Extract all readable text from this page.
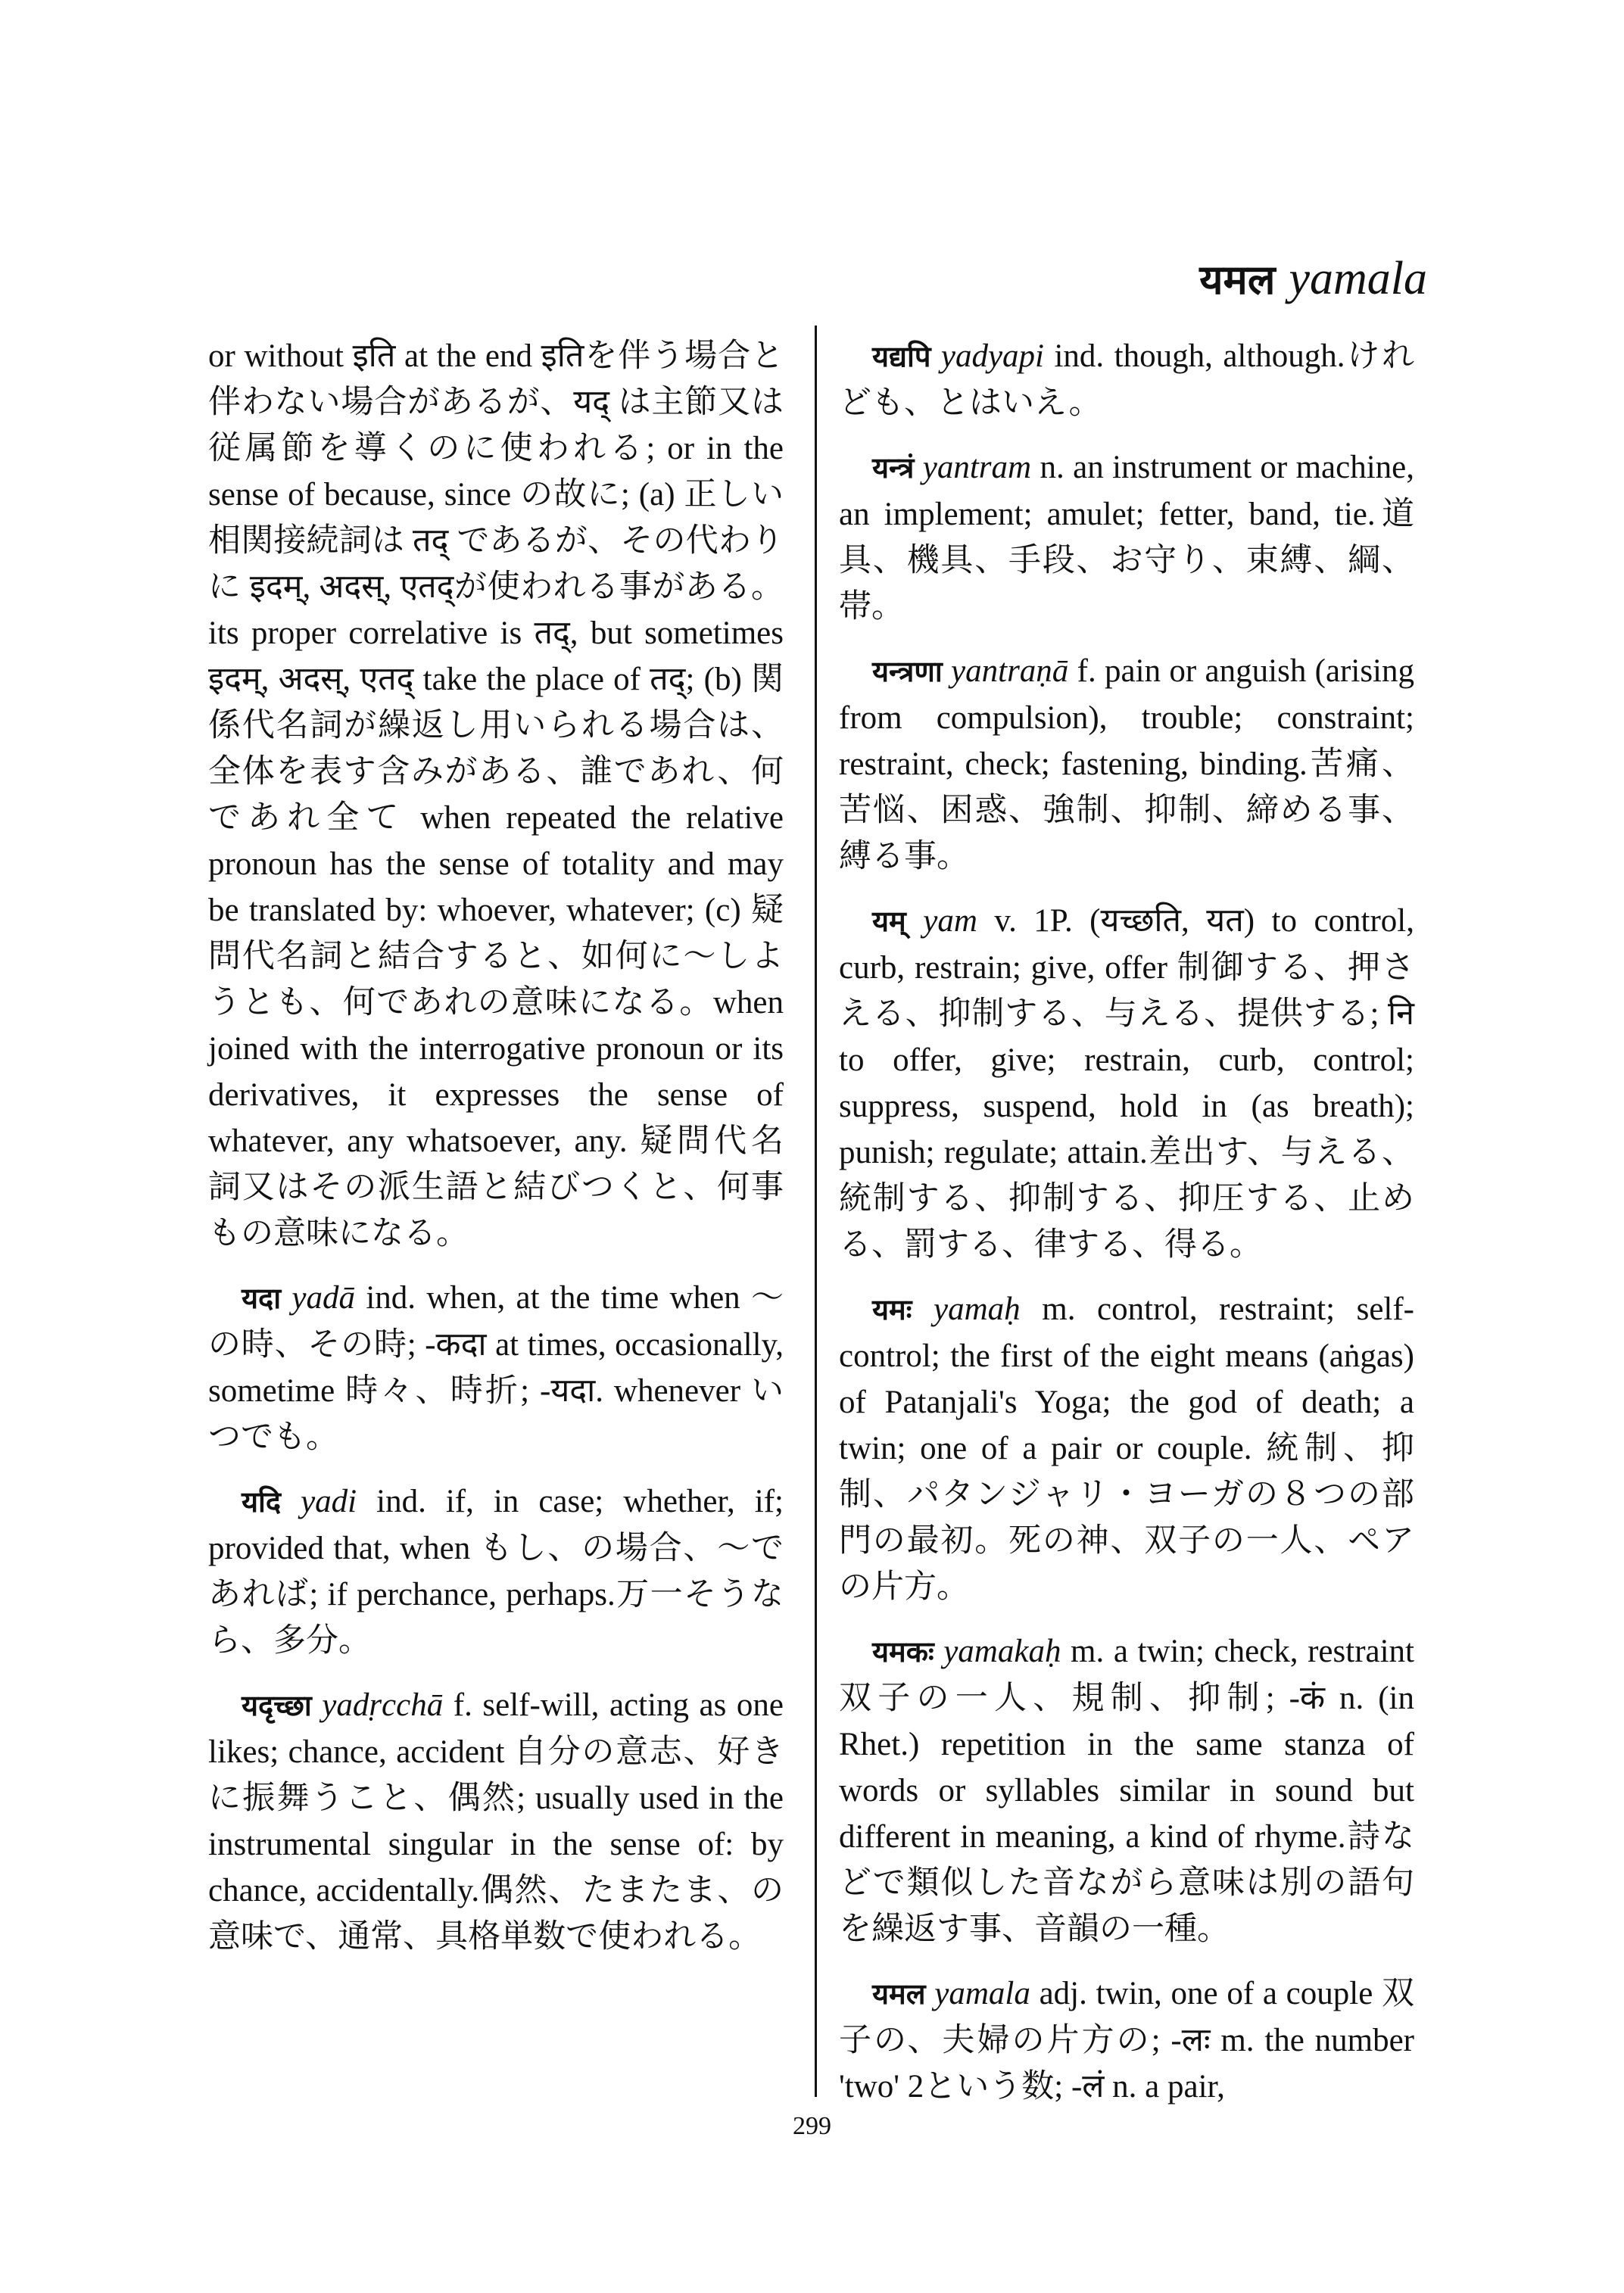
यमल yamala

or without इति at the end इतिを伴う場合と伴わない場合があるが、यद् は主節又は従属節を導くのに使われる; or in the sense of because, since の故に; (a) 正しい相関接続詞は तद् であるが、その代わりに इदम्, अदस्, एतद्が使われる事がある。its proper correlative is तद्, but sometimes इदम्, अदस्, एतद् take the place of तद्; (b) 関係代名詞が繰返し用いられる場合は、全体を表す含みがある、誰であれ、何であれ全て when repeated the relative pronoun has the sense of totality and may be translated by: whoever, whatever; (c) 疑問代名詞と結合すると、如何に〜しようとも、何であれの意味になる。when joined with the interrogative pronoun or its derivatives, it expresses the sense of whatever, any whatsoever, any. 疑問代名詞又はその派生語と結びつくと、何事もの意味になる。

यदा yadā ind. when, at the time when 〜の時、その時; -कदा at times, occasionally, sometime 時々、時折; -यदा. whenever いつでも。

यदि yadi ind. if, in case; whether, if; provided that, when もし、の場合、〜であれば; if perchance, perhaps.万一そうなら、多分。

यदृच्छा yadṛcchā f. self-will, acting as one likes; chance, accident 自分の意志、好きに振舞うこと、偶然; usually used in the instrumental singular in the sense of: by chance, accidentally.偶然、たまたま、の意味で、通常、具格単数で使われる。

यद्यपि yadyapi ind. though, although.けれども、とはいえ。

यन्त्रं yantram n. an instrument or machine, an implement; amulet; fetter, band, tie.道具、機具、手段、お守り、束縛、綱、帯。

यन्त्रणा yantraṇā f. pain or anguish (arising from compulsion), trouble; constraint; restraint, check; fastening, binding.苦痛、苦悩、困惑、強制、抑制、締める事、縛る事。

यम् yam v. 1P. (यच्छति, यत) to control, curb, restrain; give, offer 制御する、押さえる、抑制する、与える、提供する; नि to offer, give; restrain, curb, control; suppress, suspend, hold in (as breath); punish; regulate; attain.差出す、与える、統制する、抑制する、抑圧する、止める、罰する、律する、得る。

यमः yamaḥ m. control, restraint; self-control; the first of the eight means (aṅgas) of Patanjali's Yoga; the god of death; a twin; one of a pair or couple. 統制、抑制、パタンジャリ・ヨーガの８つの部門の最初。死の神、双子の一人、ペアの片方。

यमकः yamakaḥ m. a twin; check, restraint双子の一人、規制、抑制; -कं n. (in Rhet.) repetition in the same stanza of words or syllables similar in sound but different in meaning, a kind of rhyme.詩などで類似した音ながら意味は別の語句を繰返す事、音韻の一種。

यमल yamala adj. twin, one of a couple 双子の、夫婦の片方の; -लः m. the number 'two' 2という数; -लं n. a pair,

299
